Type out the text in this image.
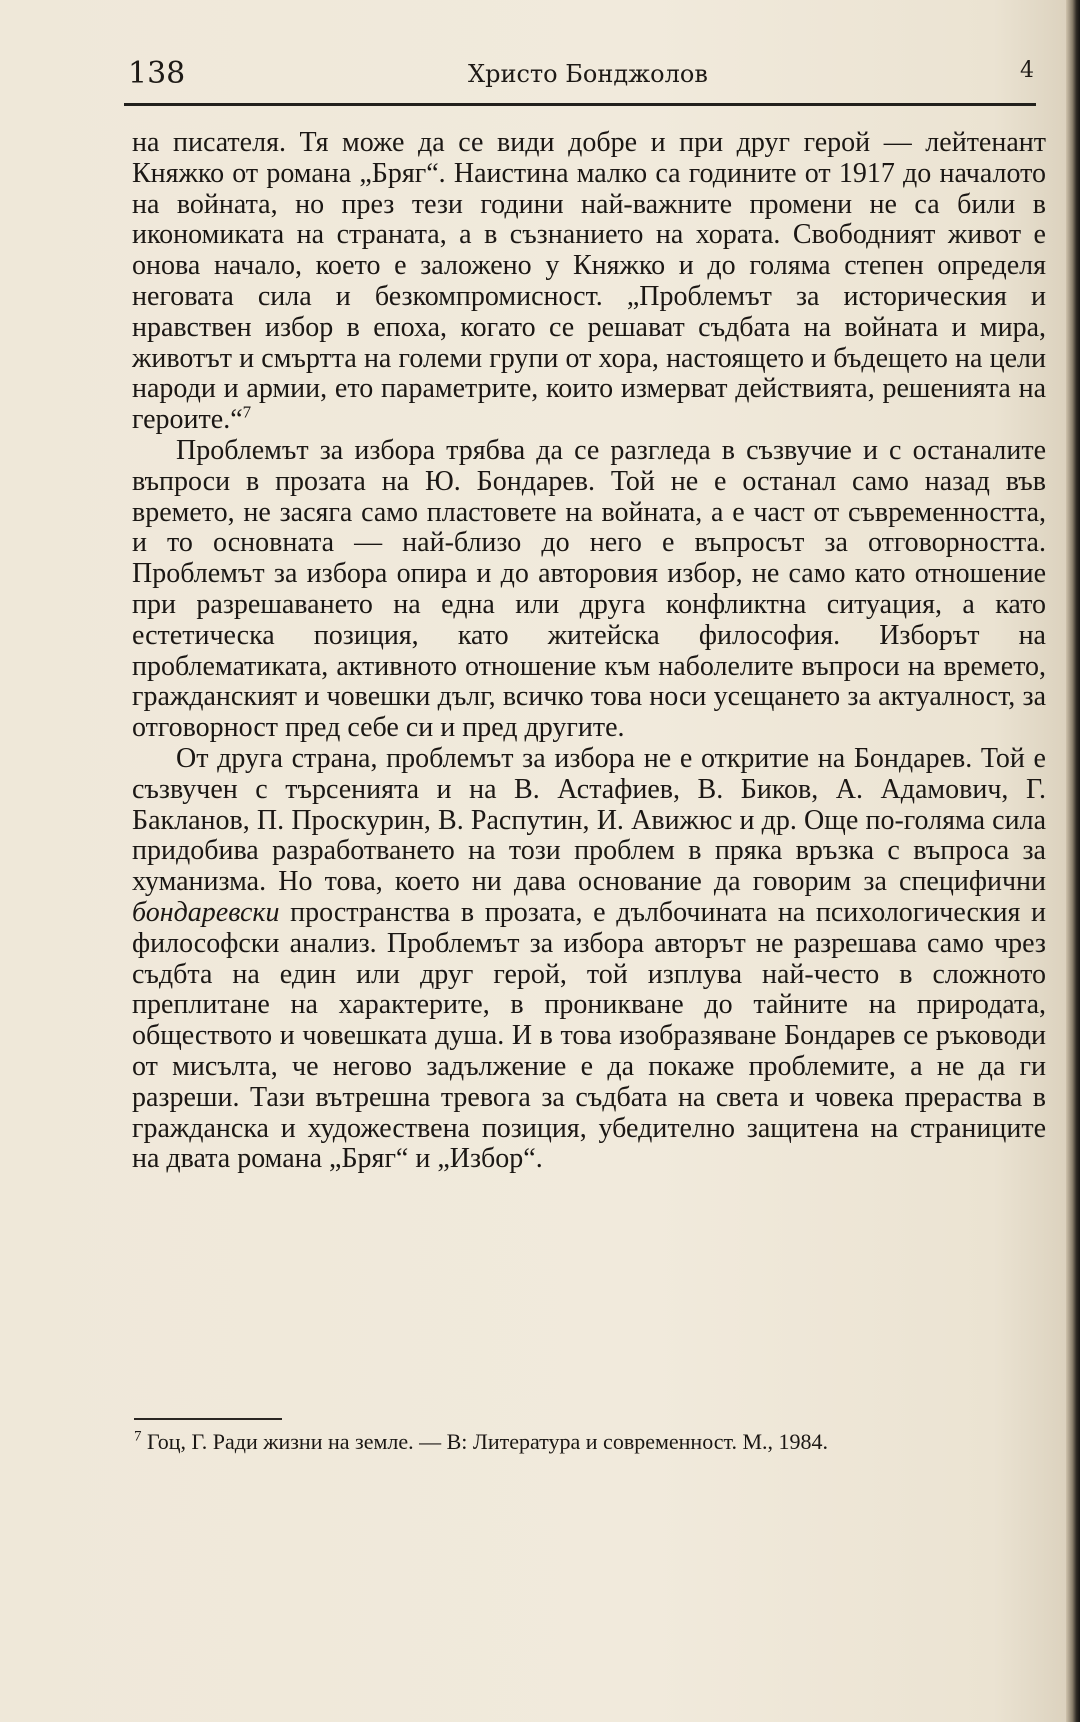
138	Христо Бонджолов	4

на писателя. Тя може да се види добре и при друг герой — лейтенант Княжко от романа „Бряг“. Наистина малко са годините от 1917 до началото на войната, но през тези години най-важните промени не са били в икономиката на страната, а в съзнанието на хората. Свободният живот е онова начало, което е заложено у Княжко и до голяма степен определя неговата сила и безкомпромисност. „Проблемът за историческия и нравствен избор в епоха, когато се решават съдбата на войната и мира, животът и смъртта на големи групи от хора, настоящето и бъдещето на цели народи и армии, ето параметрите, които измерват действията, решенията на героите.“$^7$

Проблемът за избора трябва да се разгледа в съзвучие и с останалите въпроси в прозата на Ю. Бондарев. Той не е останал само назад във времето, не засяга само пластовете на войната, а е част от съвременността, и то основната — най-близо до него е въпросът за отговорността. Проблемът за избора опира и до авторовия избор, не само като отношение при разрешаването на една или друга конфликтна ситуация, а като естетическа позиция, като житейска философия. Изборът на проблематиката, активното отношение към наболелите въпроси на времето, гражданският и човешки дълг, всичко това носи усещането за актуалност, за отговорност пред себе си и пред другите.

От друга страна, проблемът за избора не е откритие на Бондарев. Той е съзвучен с търсенията и на В. Астафиев, В. Биков, А. Адамович, Г. Бакланов, П. Проскурин, В. Распутин, И. Авижюс и др. Още по-голяма сила придобива разработването на този проблем в пряка връзка с въпроса за хуманизма. Но това, което ни дава основание да говорим за специфични бондаревски пространства в прозата, е дълбочината на психологическия и философски анализ. Проблемът за избора авторът не разрешава само чрез съдбта на един или друг герой, той изплува най-често в сложното преплитане на характерите, в проникване до тайните на природата, обществото и човешката душа. И в това изобразяване Бондарев се ръководи от мисълта, че негово задължение е да покаже проблемите, а не да ги разреши. Тази вътрешна тревога за съдбата на света и човека прераства в гражданска и художествена позиция, убедително защитена на страниците на двата романа „Бряг“ и „Избор“.

$^7$ Гоц, Г. Ради жизни на земле. — В: Литература и современност. М., 1984.
